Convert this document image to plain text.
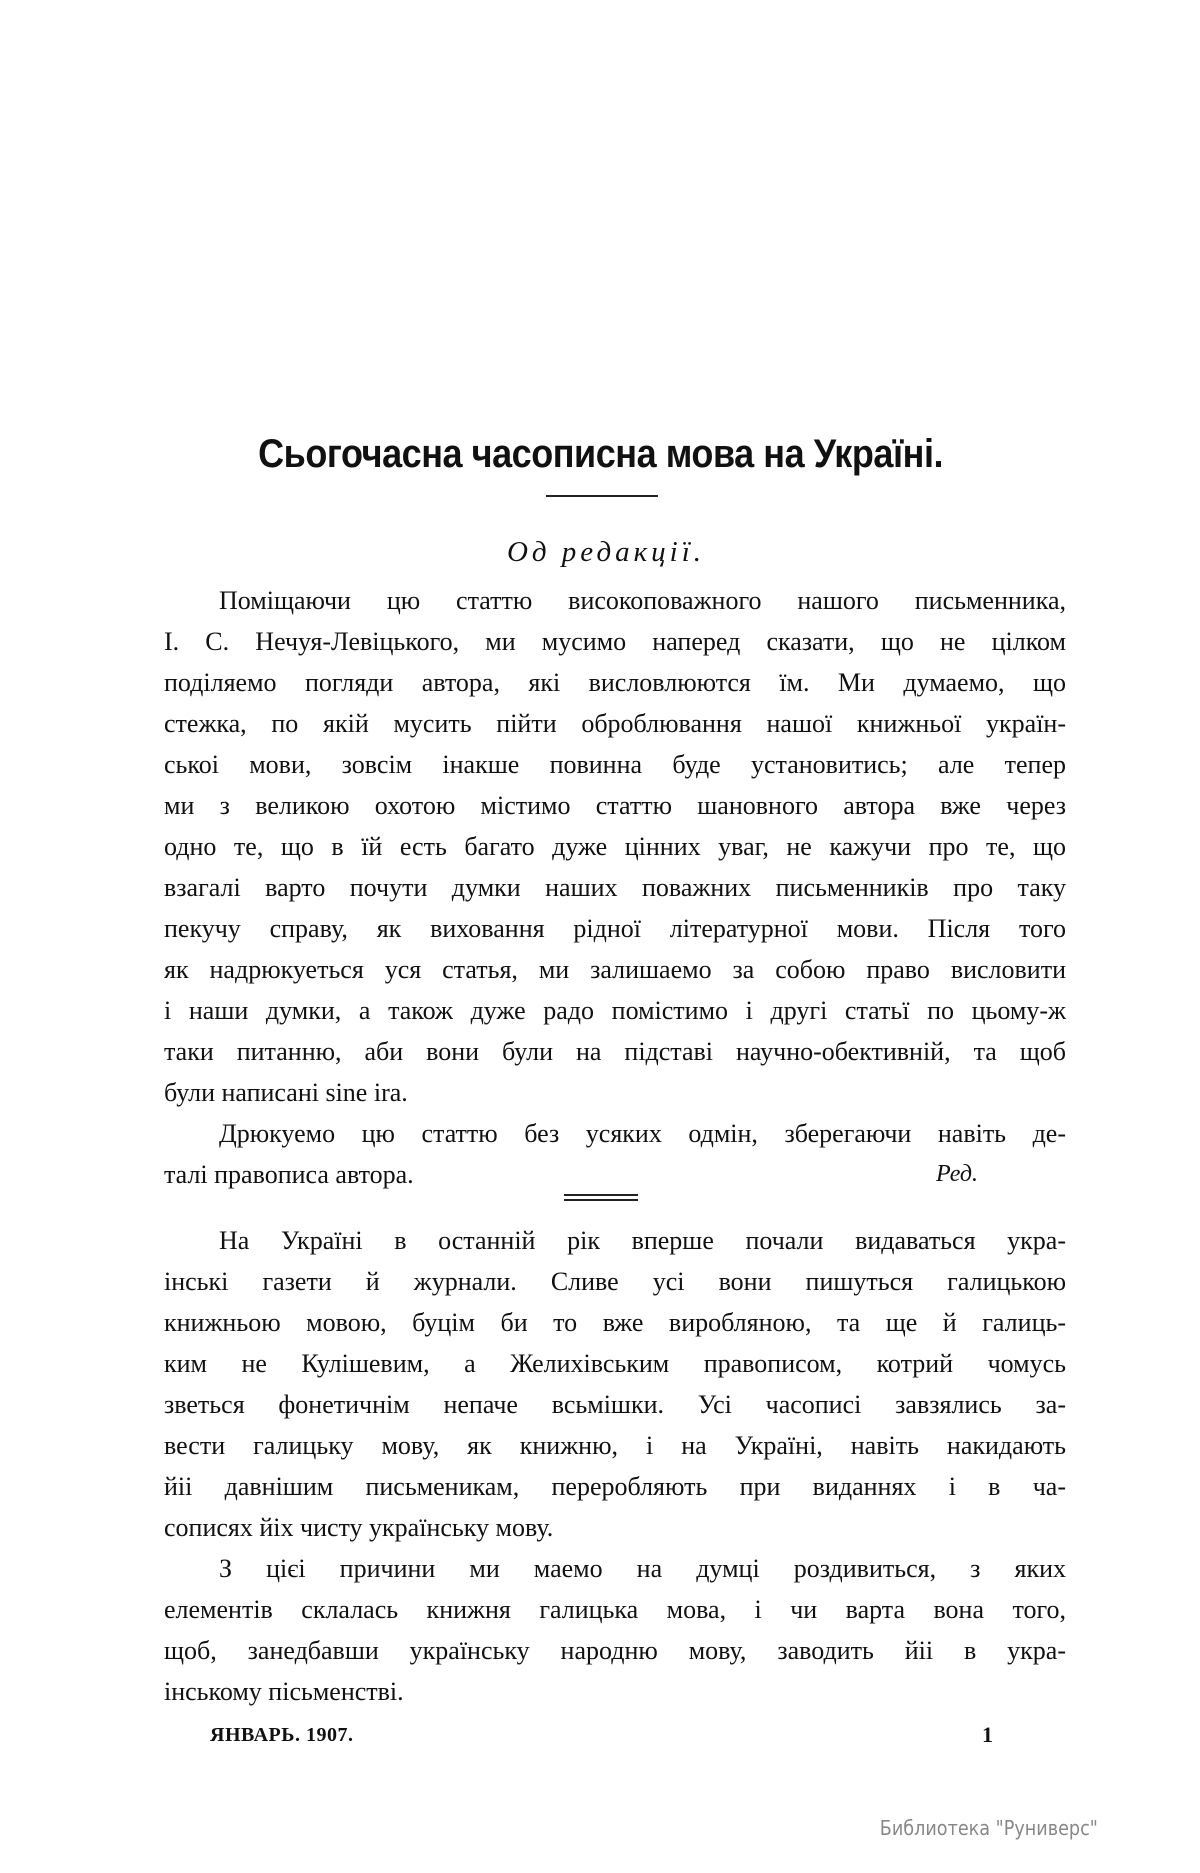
Сьогочасна часописна мова на Україні.
Од редакції.
Поміщаючи цю статтю високоповажного нашого письменника,
І. С. Нечуя-Левіцького, ми мусимо наперед сказати, що не цілком
поділяемо погляди автора, які висловлюются їм. Ми думаемо, що
стежка, по якій мусить пійти оброблювання нашої книжньої україн-
ськоі мови, зовсім інакше повинна буде установитись; але тепер
ми з великою охотою містимо статтю шановного автора вже через
одно те, що в їй есть багато дуже цінних уваг, не кажучи про те, що
взагалі варто почути думки наших поважних письменників про таку
пекучу справу, як виховання рідної літературної мови. Після того
як надрюкуеться уся статья, ми залишаемо за собою право висловити
і наши думки, а також дуже радо помістимо і другі статьї по цьому-ж
таки питанню, аби вони були на підставі научно-обективній, та щоб
були написані sine ira.
Дрюкуемо цю статтю без усяких одмін, зберегаючи навіть де-
талі правописа автора.	Ред.
На Україні в останній рік вперше почали видаваться укра-
інські газети й журнали. Сливе усі вони пишуться галицькою
книжньою мовою, буцім би то вже виробляною, та ще й галиць-
ким не Кулішевим, а Желихівським правописом, котрий чомусь
зветься фонетичнім непаче всьмішки. Усі часописі завзялись за-
вести галицьку мову, як книжню, і на Україні, навіть накидають
йіі давнішим письменикам, переробляють при виданнях і в ча-
сописях йіх чисту українську мову.
З цієі причини ми маемо на думці роздивиться, з яких
елементів склалась книжня галицька мова, і чи варта вона того,
щоб, занедбавши українську народню мову, заводить йіі в укра-
інському пісьменстві.
ЯНВАРЬ. 1907.	1
Библиотека "Руниверс"
